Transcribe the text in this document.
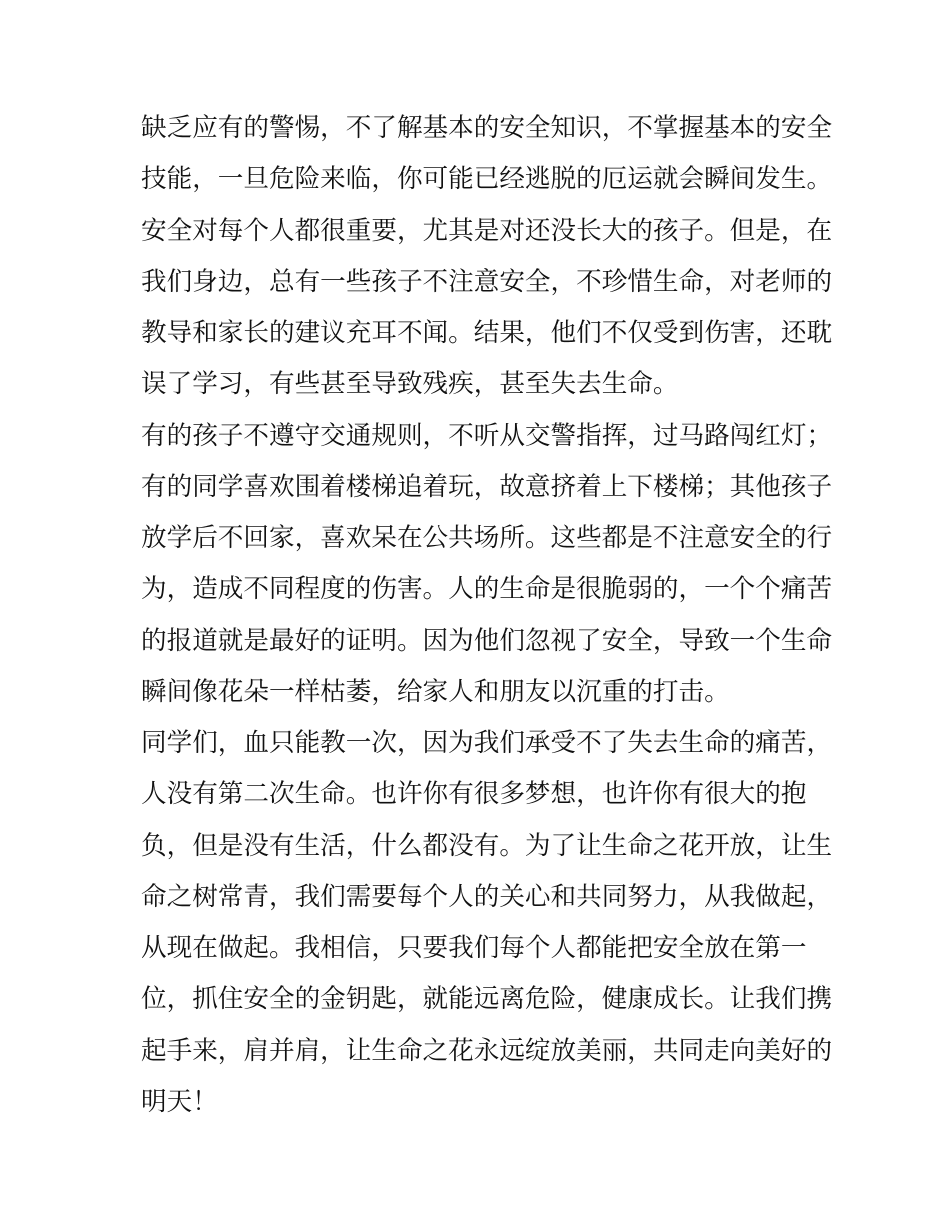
缺乏应有的警惕，不了解基本的安全知识，不掌握基本的安全
技能，一旦危险来临，你可能已经逃脱的厄运就会瞬间发生。
安全对每个人都很重要，尤其是对还没长大的孩子。但是，在
我们身边，总有一些孩子不注意安全，不珍惜生命，对老师的
教导和家长的建议充耳不闻。结果，他们不仅受到伤害，还耽
误了学习，有些甚至导致残疾，甚至失去生命。
有的孩子不遵守交通规则，不听从交警指挥，过马路闯红灯；
有的同学喜欢围着楼梯追着玩，故意挤着上下楼梯；其他孩子
放学后不回家，喜欢呆在公共场所。这些都是不注意安全的行
为，造成不同程度的伤害。人的生命是很脆弱的，一个个痛苦
的报道就是最好的证明。因为他们忽视了安全，导致一个生命
瞬间像花朵一样枯萎，给家人和朋友以沉重的打击。
同学们，血只能教一次，因为我们承受不了失去生命的痛苦，
人没有第二次生命。也许你有很多梦想，也许你有很大的抱
负，但是没有生活，什么都没有。为了让生命之花开放，让生
命之树常青，我们需要每个人的关心和共同努力，从我做起，
从现在做起。我相信，只要我们每个人都能把安全放在第一
位，抓住安全的金钥匙，就能远离危险，健康成长。让我们携
起手来，肩并肩，让生命之花永远绽放美丽，共同走向美好的
明天！
